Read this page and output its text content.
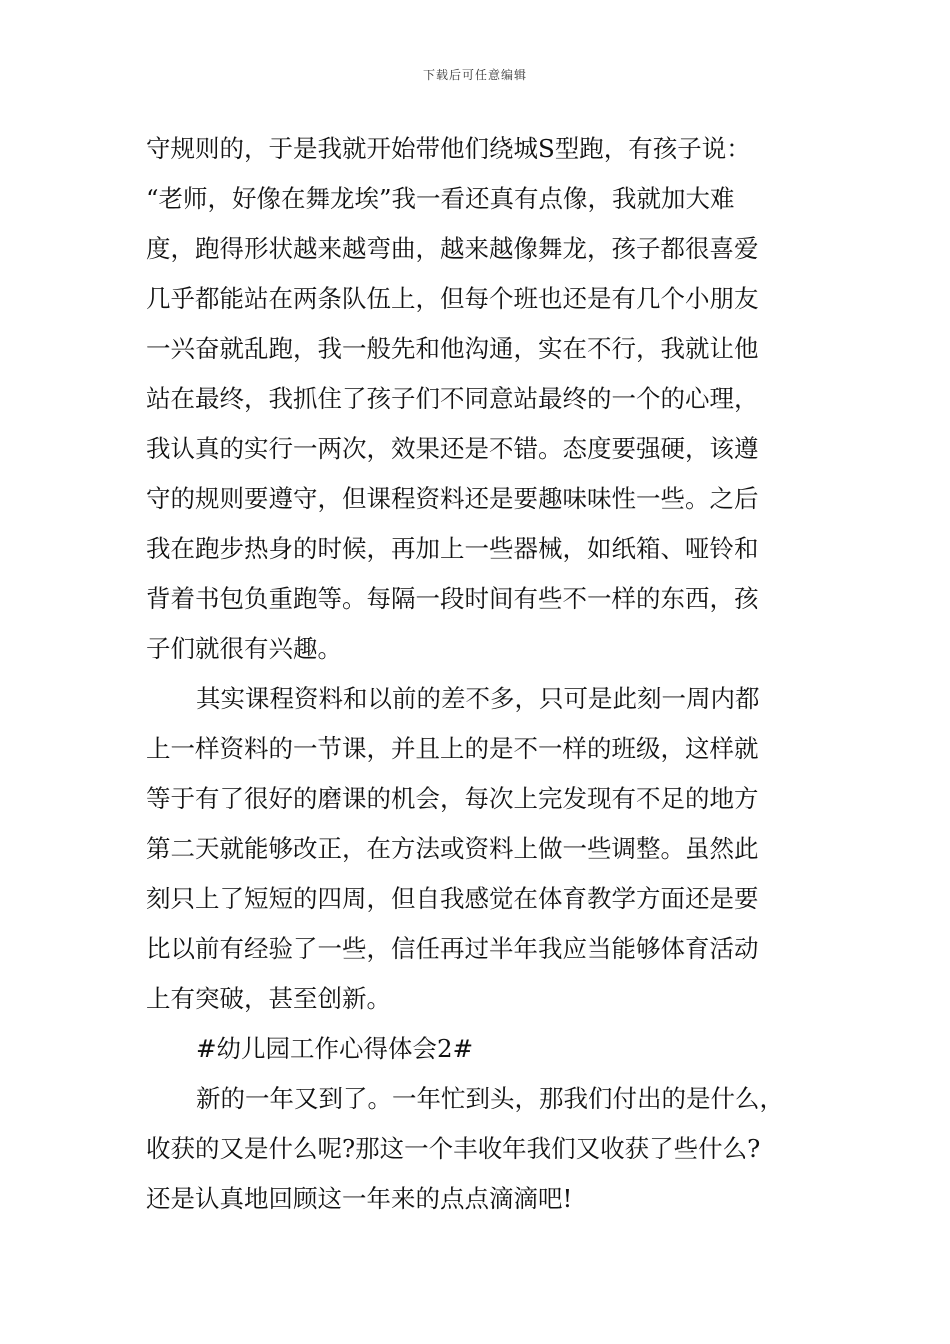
下载后可任意编辑
守规则的，于是我就开始带他们绕城S型跑，有孩子说：
“老师，好像在舞龙埃”我一看还真有点像，我就加大难
度，跑得形状越来越弯曲，越来越像舞龙，孩子都很喜爱
几乎都能站在两条队伍上，但每个班也还是有几个小朋友
一兴奋就乱跑，我一般先和他沟通，实在不行，我就让他
站在最终，我抓住了孩子们不同意站最终的一个的心理，
我认真的实行一两次，效果还是不错。态度要强硬，该遵
守的规则要遵守，但课程资料还是要趣味味性一些。之后
我在跑步热身的时候，再加上一些器械，如纸箱、哑铃和
背着书包负重跑等。每隔一段时间有些不一样的东西，孩
子们就很有兴趣。
其实课程资料和以前的差不多，只可是此刻一周内都
上一样资料的一节课，并且上的是不一样的班级，这样就
等于有了很好的磨课的机会，每次上完发现有不足的地方
第二天就能够改正，在方法或资料上做一些调整。虽然此
刻只上了短短的四周，但自我感觉在体育教学方面还是要
比以前有经验了一些，信任再过半年我应当能够体育活动
上有突破，甚至创新。
#幼儿园工作心得体会2#
新的一年又到了。一年忙到头，那我们付出的是什么，
收获的又是什么呢?那这一个丰收年我们又收获了些什么?
还是认真地回顾这一年来的点点滴滴吧!
